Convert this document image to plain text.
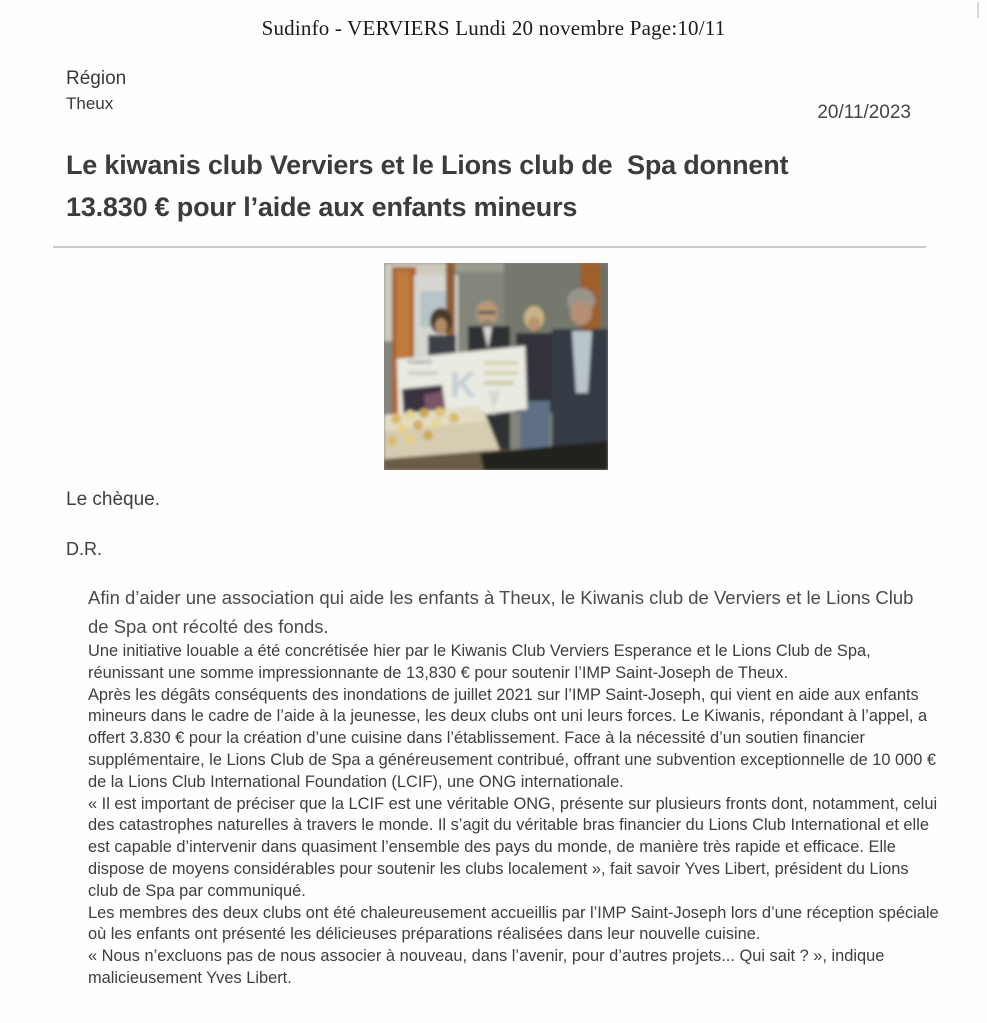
Sudinfo - VERVIERS Lundi 20 novembre Page:10/11
Région
Theux	20/11/2023
Le kiwanis club Verviers et le Lions club de  Spa donnent
13.830 € pour l’aide aux enfants mineurs
Kiwanis
K
Le chèque.
D.R.

Afin d’aider une association qui aide les enfants à Theux, le Kiwanis club de Verviers et le Lions Club de Spa ont récolté des fonds.

Une initiative louable a été concrétisée hier par le Kiwanis Club Verviers Esperance et le Lions Club de Spa, réunissant une somme impressionnante de 13,830 € pour soutenir l’IMP Saint-Joseph de Theux.

Après les dégâts conséquents des inondations de juillet 2021 sur l’IMP Saint-Joseph, qui vient en aide aux enfants mineurs dans le cadre de l’aide à la jeunesse, les deux clubs ont uni leurs forces. Le Kiwanis, répondant à l’appel, a offert 3.830 € pour la création d’une cuisine dans l’établissement. Face à la nécessité d’un soutien financier supplémentaire, le Lions Club de Spa a généreusement contribué, offrant une subvention exceptionnelle de 10 000 € de la Lions Club International Foundation (LCIF), une ONG internationale.

« Il est important de préciser que la LCIF est une véritable ONG, présente sur plusieurs fronts dont, notamment, celui des catastrophes naturelles à travers le monde. Il s’agit du véritable bras financier du Lions Club International et elle est capable d’intervenir dans quasiment l’ensemble des pays du monde, de manière très rapide et efficace. Elle dispose de moyens considérables pour soutenir les clubs localement », fait savoir Yves Libert, président du Lions club de Spa par communiqué.

Les membres des deux clubs ont été chaleureusement accueillis par l’IMP Saint-Joseph lors d’une réception spéciale où les enfants ont présenté les délicieuses préparations réalisées dans leur nouvelle cuisine.

« Nous n’excluons pas de nous associer à nouveau, dans l’avenir, pour d’autres projets... Qui sait ? », indique malicieusement Yves Libert.
